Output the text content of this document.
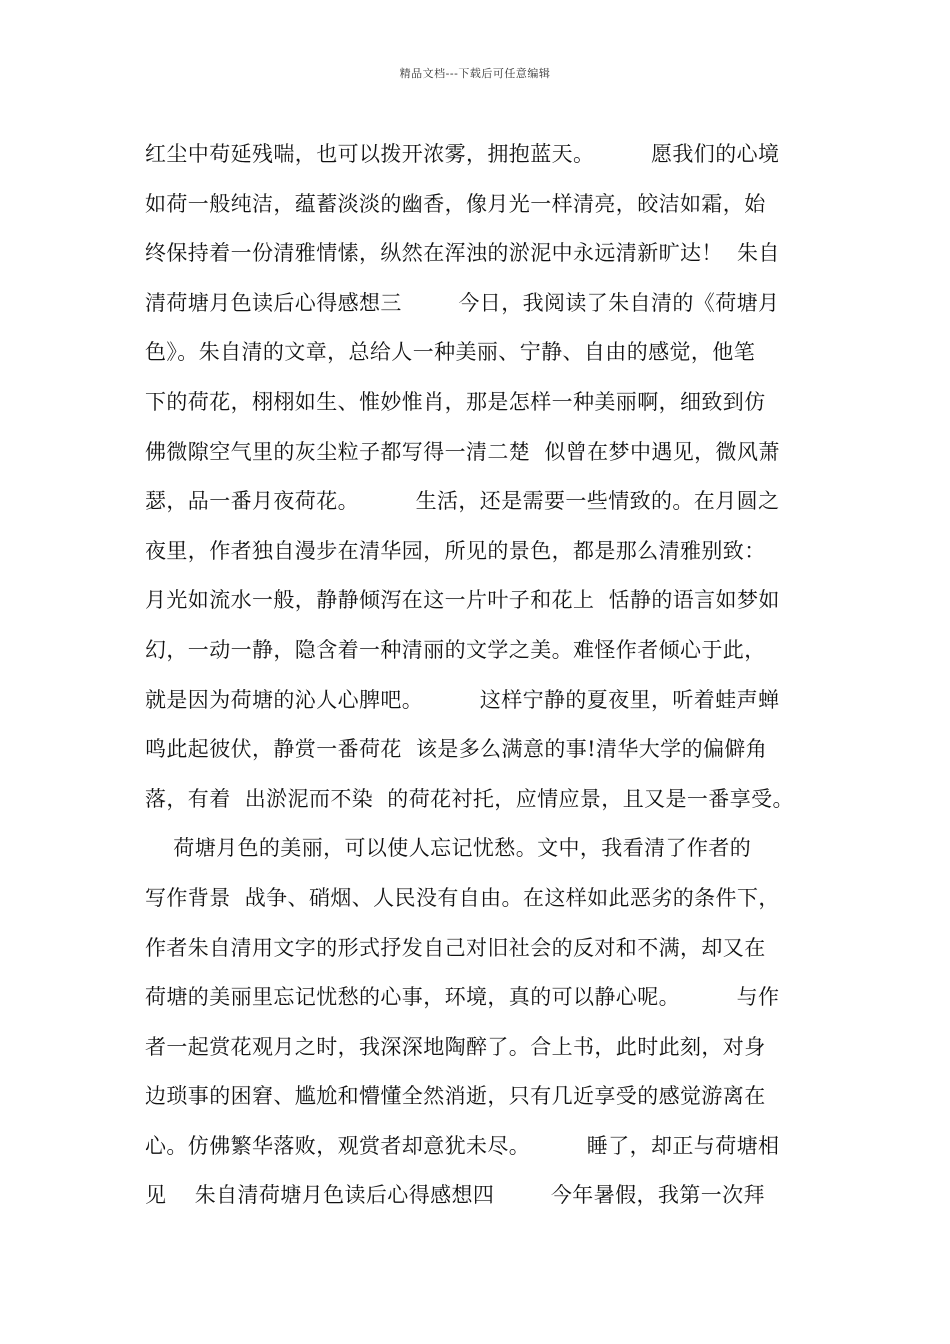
精品文档---下载后可任意编辑
红尘中苟延残喘，也可以拨开浓雾，拥抱蓝天。        愿我们的心境
如荷一般纯洁，蕴蓄淡淡的幽香，像月光一样清亮，皎洁如霜，始
终保持着一份清雅情愫，纵然在浑浊的淤泥中永远清新旷达！  朱自
清荷塘月色读后心得感想三        今日，我阅读了朱自清的《荷塘月
色》。朱自清的文章，总给人一种美丽、宁静、自由的感觉，他笔
下的荷花，栩栩如生、惟妙惟肖，那是怎样一种美丽啊，细致到仿
佛微隙空气里的灰尘粒子都写得一清二楚  似曾在梦中遇见，微风萧
瑟，品一番月夜荷花。        生活，还是需要一些情致的。在月圆之
夜里，作者独自漫步在清华园，所见的景色，都是那么清雅别致：
月光如流水一般，静静倾泻在这一片叶子和花上  恬静的语言如梦如
幻，一动一静，隐含着一种清丽的文学之美。难怪作者倾心于此，
就是因为荷塘的沁人心脾吧。        这样宁静的夏夜里，听着蛙声蝉
鸣此起彼伏，静赏一番荷花  该是多么满意的事!清华大学的偏僻角
落，有着  出淤泥而不染  的荷花衬托，应情应景，且又是一番享受。
荷塘月色的美丽，可以使人忘记忧愁。文中，我看清了作者的
写作背景  战争、硝烟、人民没有自由。在这样如此恶劣的条件下，
作者朱自清用文字的形式抒发自己对旧社会的反对和不满，却又在
荷塘的美丽里忘记忧愁的心事，环境，真的可以静心呢。        与作
者一起赏花观月之时，我深深地陶醉了。合上书，此时此刻，对身
边琐事的困窘、尴尬和懵懂全然消逝，只有几近享受的感觉游离在
心。仿佛繁华落败，观赏者却意犹未尽。        睡了，却正与荷塘相
见    朱自清荷塘月色读后心得感想四        今年暑假，我第一次拜
